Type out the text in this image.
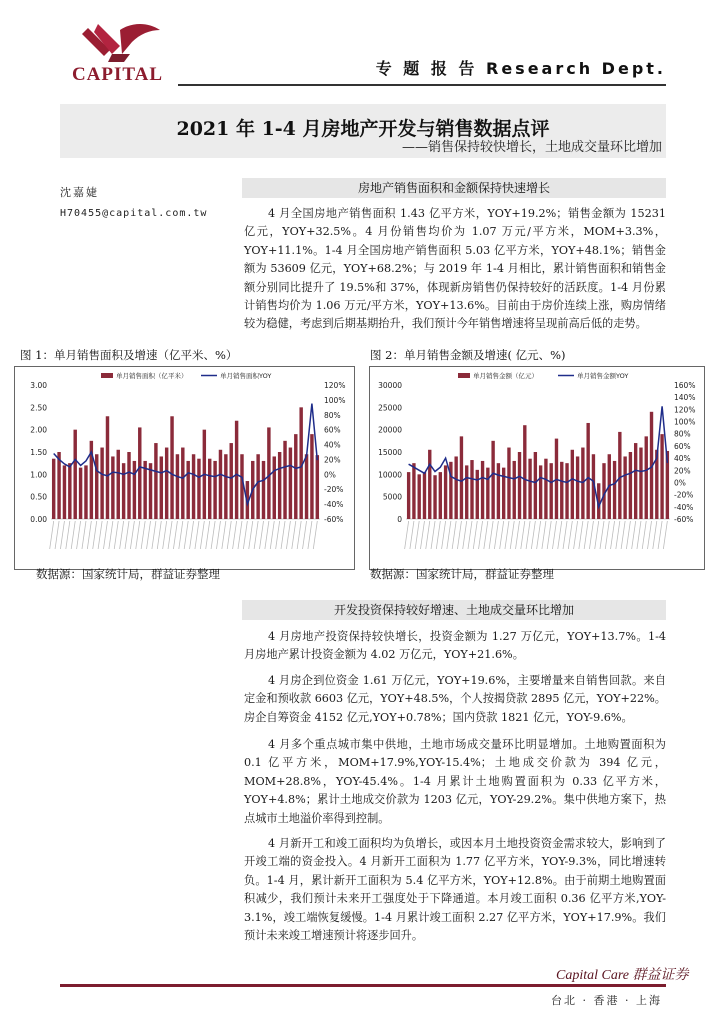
CAPITAL	专 题 报 告 Research Dept.
2021 年 1-4 月房地产开发与销售数据点评
——销售保持较快增长，土地成交量环比增加
沈嘉婕
H70455@capital.com.tw
房地产销售面积和金额保持快速增长
4 月全国房地产销售面积 1.43 亿平方米，YOY+19.2%；销售金额为 15231 亿元，YOY+32.5%。4 月份销售均价为 1.07 万元/平方米，MOM+3.3%，YOY+11.1%。1-4 月全国房地产销售面积 5.03 亿平方米，YOY+48.1%；销售金额为 53609 亿元，YOY+68.2%；与 2019 年 1-4 月相比，累计销售面积和销售金额分别同比提升了 19.5%和 37%，体现新房销售仍保持较好的活跃度。1-4 月份累计销售均价为 1.06 万元/平方米，YOY+13.6%。目前由于房价连续上涨，购房情绪较为稳健，考虑到后期基期抬升，我们预计今年销售增速将呈现前高后低的走势。
图 1：单月销售面积及增速（亿平米、%）	图 2：单月销售金额及增速( 亿元、%)
0.00
0.50
1.00
1.50
2.00
2.50
3.00
-60%
-40%
-20%
0%
20%
40%
60%
80%
100%
120%
单月销售面积（亿平米）	单月销售面积YOY
0
5000
10000
15000
20000
25000
30000
-60%
-40%
-20%
0%
20%
40%
60%
80%
100%
120%
140%
160%
单月销售金额（亿元）	单月销售金额YOY
数据源：国家统计局，群益证券整理	数据源：国家统计局，群益证券整理
开发投资保持较好增速、土地成交量环比增加
4 月房地产投资保持较快增长，投资金额为 1.27 万亿元，YOY+13.7%。1-4 月房地产累计投资金额为 4.02 万亿元，YOY+21.6%。
4 月房企到位资金 1.61 万亿元，YOY+19.6%，主要增量来自销售回款。来自定金和预收款 6603 亿元，YOY+48.5%，个人按揭贷款 2895 亿元，YOY+22%。房企自筹资金 4152 亿元,YOY+0.78%；国内贷款 1821 亿元，YOY-9.6%。
4 月多个重点城市集中供地，土地市场成交量环比明显增加。土地购置面积为 0.1 亿平方米，MOM+17.9%,YOY-15.4%；土地成交价款为 394 亿元，MOM+28.8%，YOY-45.4%。1-4 月累计土地购置面积为 0.33 亿平方米，YOY+4.8%；累计土地成交价款为 1203 亿元，YOY-29.2%。集中供地方案下，热点城市土地溢价率得到控制。
4 月新开工和竣工面积均为负增长，或因本月土地投资资金需求较大，影响到了开竣工端的资金投入。4 月新开工面积为 1.77 亿平方米，YOY-9.3%，同比增速转负。1-4 月，累计新开工面积为 5.4 亿平方米，YOY+12.8%。由于前期土地购置面积减少，我们预计未来开工强度处于下降通道。本月竣工面积 0.36 亿平方米,YOY-3.1%，竣工端恢复缓慢。1-4 月累计竣工面积 2.27 亿平方米，YOY+17.9%。我们预计未来竣工增速预计将逐步回升。
Capital Care 群益证券
台北 · 香港 · 上海
